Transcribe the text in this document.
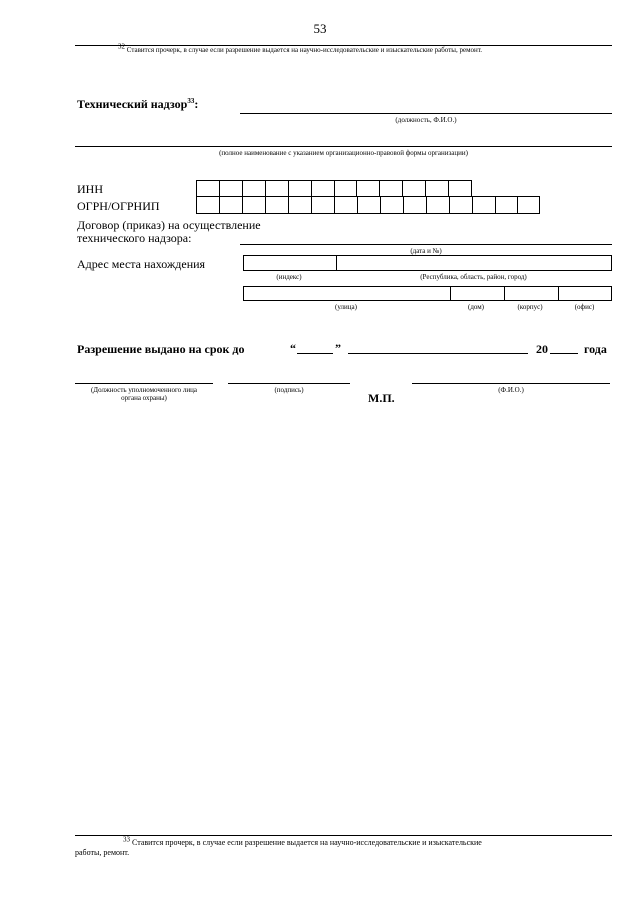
53
$^{32}$ Ставится прочерк, в случае если разрешение выдается на научно-исследовательские и изыскательские работы, ремонт.
Технический надзор$^{33}$:
(должность, Ф.И.О.)
(полное наименование с указанием организационно-правовой формы организации)
ИНН
ОГРН/ОГРНИП
Договор (приказ) на осуществление
технического надзора:
(дата и №)
Адрес места нахождения
(индекс)	(Республика, область, район, город)
(улица)	(дом)	(корпус)	(офис)
Разрешение выдано на срок до	“	”	20	года
(Должность уполномоченного лица
органа охраны)
(подпись)
М.П.
(Ф.И.О.)
$^{33}$ Ставится прочерк, в случае если разрешение выдается на научно-исследовательские и изыскательские
работы, ремонт.
